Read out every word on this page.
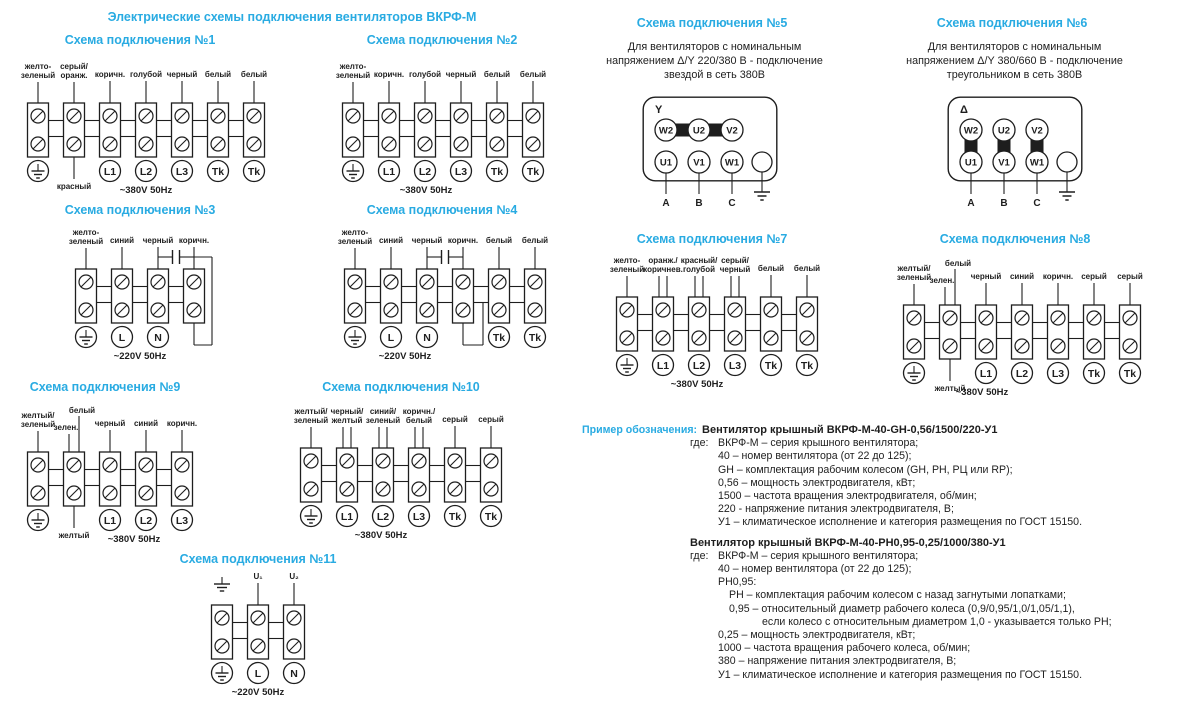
Электрические схемы подключения вентиляторов ВКРФ-М
Схема подключения №1	Схема подключения №2
Схема подключения №3	Схема подключения №4
Схема подключения №5	Схема подключения №6
Схема подключения №7	Схема подключения №8
Схема подключения №9	Схема подключения №10
Схема подключения №11
Для вентиляторов с номинальным
напряжением Δ/Y 220/380 В - подключение
звездой в сеть 380В
Для вентиляторов с номинальным
напряжением Δ/Y 380/660 В - подключение
треугольником в сеть 380В
желто-
зеленый
серый/
оранж.
красный
коричн.
L1
голубой
L2
черный
L3
белый
Tk
белый
Tk
~380V 50Hz
желто-
зеленый коричн.
L1
голубой
L2
черный
L3
белый
Tk
белый
Tk
~380V 50Hz
желто-
зеленый синий
L
черный
N
коричн.
~220V 50Hz
желто-
зеленый синий
L
черный
N
коричн. белый
Tk
белый
Tk
~220V 50Hz
Y
W2
U1
A
U2
V1
B
V2
W1
C
Δ
W2
U1
A
U2
V1
B
V2
W1
C
желто-
зеленый
оранж./
коричнев.
L1
красный/
голубой
L2
серый/
черный
L3
белый
Tk
белый
Tk
~380V 50Hz
желтый/
зеленый
зелен.
белый
желтый
черный
L1
синий
L2
коричн.
L3
серый
Tk
серый
Tk
~380V 50Hz
желтый/
зеленый
зелен.
белый
желтый
черный
L1
синий
L2
коричн.
L3
~380V 50Hz
желтый/
зеленый
черный/
желтый
L1
синий/
зеленый
L2
коричн./
белый
L3
серый
Tk
серый
Tk
~380V 50Hz
U₁
L
U₂
N
~220V 50Hz
Пример обозначения: Вентилятор крышный ВКРФ-М-40-GH-0,56/1500/220-У1
где: ВКРФ-М – серия крышного вентилятора;
40 – номер вентилятора (от 22 до 125);
GH – комплектация рабочим колесом (GH, РН, РЦ или RP);
0,56 – мощность электродвигателя, кВт;
1500 – частота вращения электродвигателя, об/мин;
220 - напряжение питания электродвигателя, В;
У1 – климатическое исполнение и категория размещения по ГОСТ 15150.
Вентилятор крышный ВКРФ-М-40-РН0,95-0,25/1000/380-У1
где: ВКРФ-М – серия крышного вентилятора;
40 – номер вентилятора (от 22 до 125);
РН0,95:
РН – комплектация рабочим колесом с назад загнутыми лопатками;
0,95 – относительный диаметр рабочего колеса (0,9/0,95/1,0/1,05/1,1),
если колесо с относительным диаметром 1,0 - указывается только РН;
0,25 – мощность электродвигателя, кВт;
1000 – частота вращения рабочего колеса, об/мин;
380 – напряжение питания электродвигателя, В;
У1 – климатическое исполнение и категория размещения по ГОСТ 15150.
